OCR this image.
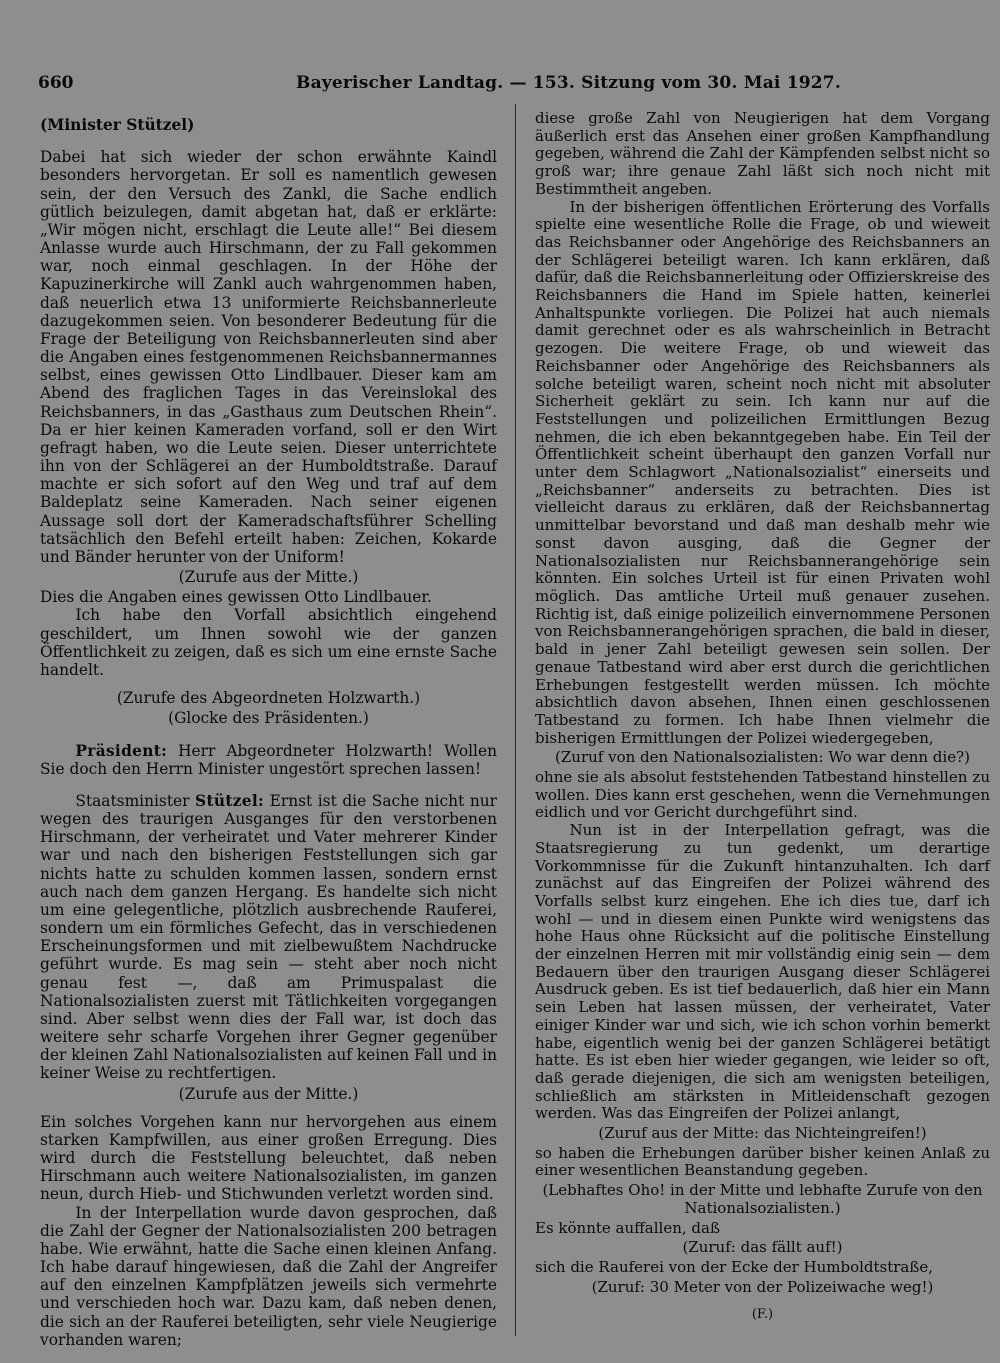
660	Bayerischer Landtag. — 153. Sitzung vom 30. Mai 1927.

(Minister Stützel)

Dabei hat sich wieder der schon erwähnte Kaindl besonders hervorgetan. Er soll es namentlich gewesen sein, der den Versuch des Zankl, die Sache endlich gütlich beizulegen, damit abgetan hat, daß er erklärte: „Wir mögen nicht, erschlagt die Leute alle!“ Bei diesem Anlasse wurde auch Hirschmann, der zu Fall gekommen war, noch einmal geschlagen. In der Höhe der Kapuzinerkirche will Zankl auch wahrgenommen haben, daß neuerlich etwa 13 uniformierte Reichsbannerleute dazugekommen seien. Von besonderer Bedeutung für die Frage der Beteiligung von Reichsbannerleuten sind aber die Angaben eines festgenommenen Reichsbannermannes selbst, eines gewissen Otto Lindlbauer. Dieser kam am Abend des fraglichen Tages in das Vereinslokal des Reichsbanners, in das „Gasthaus zum Deutschen Rhein“. Da er hier keinen Kameraden vorfand, soll er den Wirt gefragt haben, wo die Leute seien. Dieser unterrichtete ihn von der Schlägerei an der Humboldtstraße. Darauf machte er sich sofort auf den Weg und traf auf dem Baldeplatz seine Kameraden. Nach seiner eigenen Aussage soll dort der Kameradschaftsführer Schelling tatsächlich den Befehl erteilt haben: Zeichen, Kokarde und Bänder herunter von der Uniform!

(Zurufe aus der Mitte.)

Dies die Angaben eines gewissen Otto Lindlbauer.

Ich habe den Vorfall absichtlich eingehend geschildert, um Ihnen sowohl wie der ganzen Öffentlichkeit zu zeigen, daß es sich um eine ernste Sache handelt.

(Zurufe des Abgeordneten Holzwarth.)

(Glocke des Präsidenten.)

Präsident: Herr Abgeordneter Holzwarth! Wollen Sie doch den Herrn Minister ungestört sprechen lassen!

Staatsminister Stützel: Ernst ist die Sache nicht nur wegen des traurigen Ausganges für den verstorbenen Hirschmann, der verheiratet und Vater mehrerer Kinder war und nach den bisherigen Feststellungen sich gar nichts hatte zu schulden kommen lassen, sondern ernst auch nach dem ganzen Hergang. Es handelte sich nicht um eine gelegentliche, plötzlich ausbrechende Rauferei, sondern um ein förmliches Gefecht, das in verschiedenen Erscheinungsformen und mit zielbewußtem Nachdrucke geführt wurde. Es mag sein — steht aber noch nicht genau fest —, daß am Primuspalast die Nationalsozialisten zuerst mit Tätlichkeiten vorgegangen sind. Aber selbst wenn dies der Fall war, ist doch das weitere sehr scharfe Vorgehen ihrer Gegner gegenüber der kleinen Zahl Nationalsozialisten auf keinen Fall und in keiner Weise zu rechtfertigen.

(Zurufe aus der Mitte.)

Ein solches Vorgehen kann nur hervorgehen aus einem starken Kampfwillen, aus einer großen Erregung. Dies wird durch die Feststellung beleuchtet, daß neben Hirschmann auch weitere Nationalsozialisten, im ganzen neun, durch Hieb- und Stichwunden verletzt worden sind.

In der Interpellation wurde davon gesprochen, daß die Zahl der Gegner der Nationalsozialisten 200 betragen habe. Wie erwähnt, hatte die Sache einen kleinen Anfang. Ich habe darauf hingewiesen, daß die Zahl der Angreifer auf den einzelnen Kampfplätzen jeweils sich vermehrte und verschieden hoch war. Dazu kam, daß neben denen, die sich an der Rauferei beteiligten, sehr viele Neugierige vorhanden waren;

diese große Zahl von Neugierigen hat dem Vorgang äußerlich erst das Ansehen einer großen Kampfhandlung gegeben, während die Zahl der Kämpfenden selbst nicht so groß war; ihre genaue Zahl läßt sich noch nicht mit Bestimmtheit angeben.

In der bisherigen öffentlichen Erörterung des Vorfalls spielte eine wesentliche Rolle die Frage, ob und wieweit das Reichsbanner oder Angehörige des Reichsbanners an der Schlägerei beteiligt waren. Ich kann erklären, daß dafür, daß die Reichsbannerleitung oder Offizierskreise des Reichsbanners die Hand im Spiele hatten, keinerlei Anhaltspunkte vorliegen. Die Polizei hat auch niemals damit gerechnet oder es als wahrscheinlich in Betracht gezogen. Die weitere Frage, ob und wieweit das Reichsbanner oder Angehörige des Reichsbanners als solche beteiligt waren, scheint noch nicht mit absoluter Sicherheit geklärt zu sein. Ich kann nur auf die Feststellungen und polizeilichen Ermittlungen Bezug nehmen, die ich eben bekanntgegeben habe. Ein Teil der Öffentlichkeit scheint überhaupt den ganzen Vorfall nur unter dem Schlagwort „Nationalsozialist“ einerseits und „Reichsbanner“ anderseits zu betrachten. Dies ist vielleicht daraus zu erklären, daß der Reichsbannertag unmittelbar bevorstand und daß man deshalb mehr wie sonst davon ausging, daß die Gegner der Nationalsozialisten nur Reichsbannerangehörige sein könnten. Ein solches Urteil ist für einen Privaten wohl möglich. Das amtliche Urteil muß genauer zusehen. Richtig ist, daß einige polizeilich einvernommene Personen von Reichsbannerangehörigen sprachen, die bald in dieser, bald in jener Zahl beteiligt gewesen sein sollen. Der genaue Tatbestand wird aber erst durch die gerichtlichen Erhebungen festgestellt werden müssen. Ich möchte absichtlich davon absehen, Ihnen einen geschlossenen Tatbestand zu formen. Ich habe Ihnen vielmehr die bisherigen Ermittlungen der Polizei wiedergegeben,

(Zuruf von den Nationalsozialisten: Wo war denn die?)

ohne sie als absolut feststehenden Tatbestand hinstellen zu wollen. Dies kann erst geschehen, wenn die Vernehmungen eidlich und vor Gericht durchgeführt sind.

Nun ist in der Interpellation gefragt, was die Staatsregierung zu tun gedenkt, um derartige Vorkommnisse für die Zukunft hintanzuhalten. Ich darf zunächst auf das Eingreifen der Polizei während des Vorfalls selbst kurz eingehen. Ehe ich dies tue, darf ich wohl — und in diesem einen Punkte wird wenigstens das hohe Haus ohne Rücksicht auf die politische Einstellung der einzelnen Herren mit mir vollständig einig sein — dem Bedauern über den traurigen Ausgang dieser Schlägerei Ausdruck geben. Es ist tief bedauerlich, daß hier ein Mann sein Leben hat lassen müssen, der verheiratet, Vater einiger Kinder war und sich, wie ich schon vorhin bemerkt habe, eigentlich wenig bei der ganzen Schlägerei betätigt hatte. Es ist eben hier wieder gegangen, wie leider so oft, daß gerade diejenigen, die sich am wenigsten beteiligen, schließlich am stärksten in Mitleidenschaft gezogen werden. Was das Eingreifen der Polizei anlangt,

(Zuruf aus der Mitte: das Nichteingreifen!)

so haben die Erhebungen darüber bisher keinen Anlaß zu einer wesentlichen Beanstandung gegeben.

(Lebhaftes Oho! in der Mitte und lebhafte Zurufe von den Nationalsozialisten.)

Es könnte auffallen, daß

(Zuruf: das fällt auf!)

sich die Rauferei von der Ecke der Humboldtstraße,

(Zuruf: 30 Meter von der Polizeiwache weg!)

(F.)
